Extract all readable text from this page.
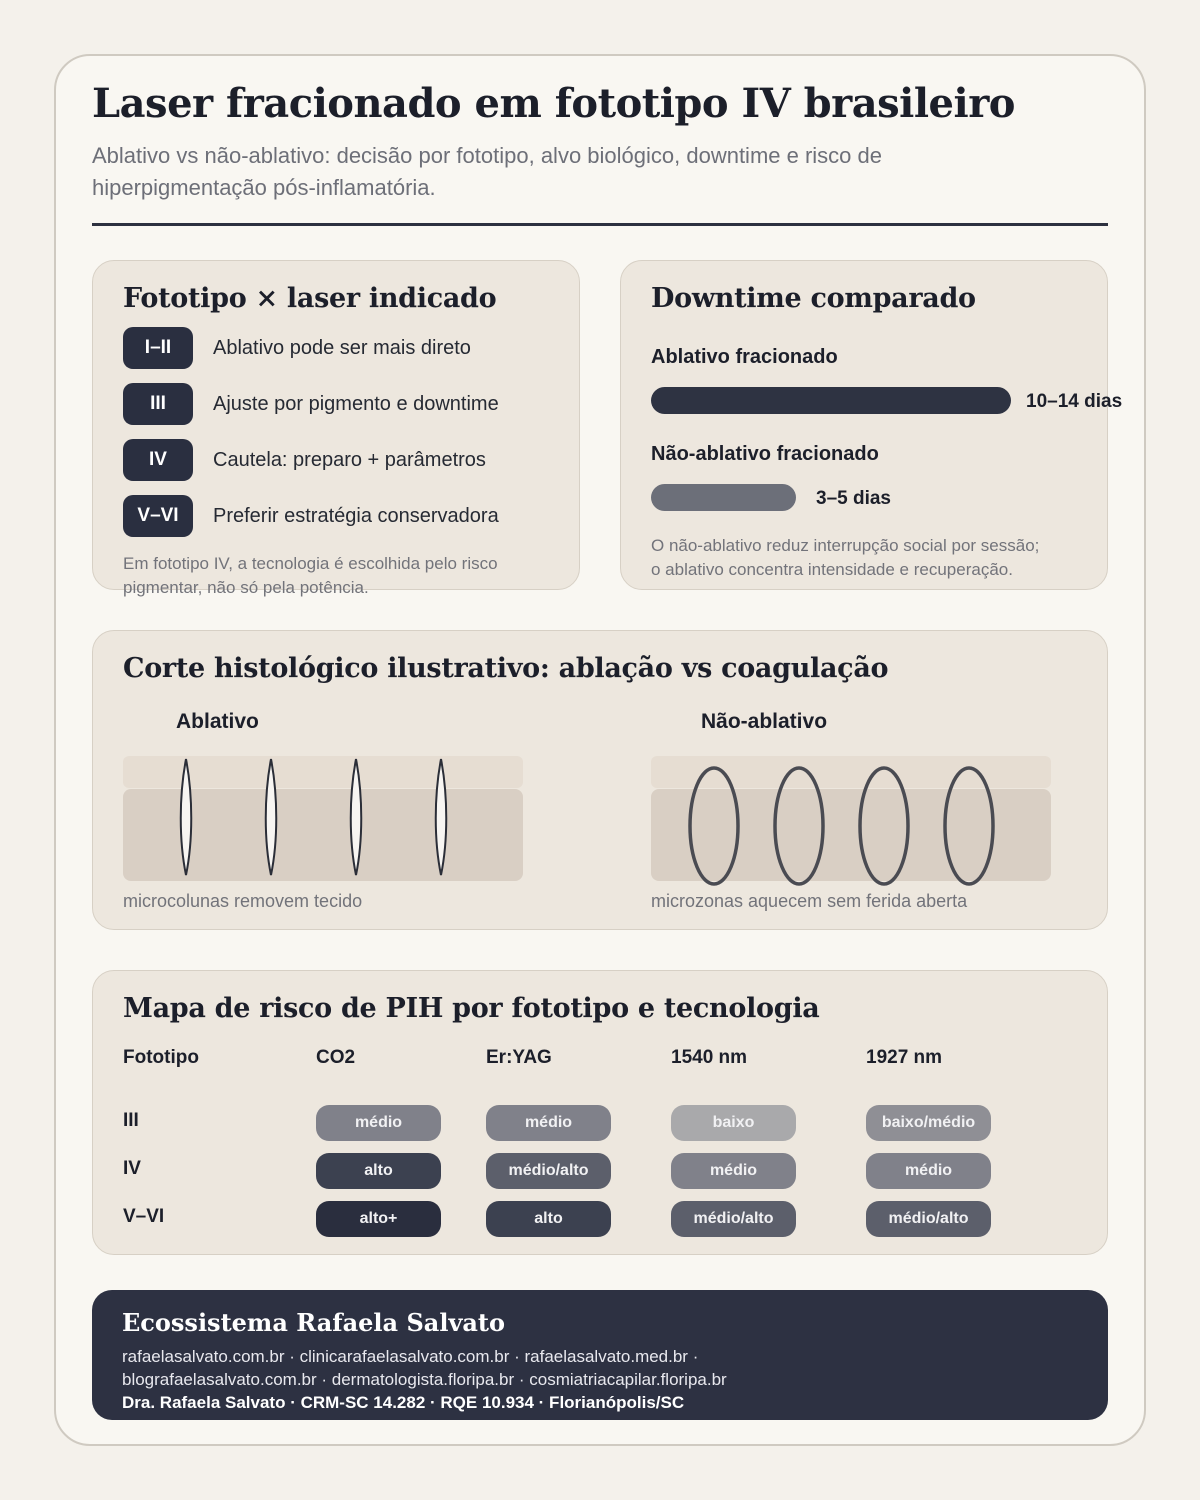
Laser fracionado em fototipo IV brasileiro

Ablativo vs não-ablativo: decisão por fototipo, alvo biológico, downtime e risco de hiperpigmentação pós-inflamatória.

Fototipo × laser indicado
I–II	Ablativo pode ser mais direto
III	Ajuste por pigmento e downtime
IV	Cautela: preparo + parâmetros
V–VI	Preferir estratégia conservadora

Em fototipo IV, a tecnologia é escolhida pelo risco pigmentar, não só pela potência.

Downtime comparado
Ablativo fracionado
10–14 dias
Não-ablativo fracionado
3–5 dias

O não-ablativo reduz interrupção social por sessão; o ablativo concentra intensidade e recuperação.

Corte histológico ilustrativo: ablação vs coagulação
Ablativo
microcolunas removem tecido
Não-ablativo
microzonas aquecem sem ferida aberta
Mapa de risco de PIH por fototipo e tecnologia
Fototipo	CO2	Er:YAG	1540 nm	1927 nm
III	médio	médio	baixo	baixo/médio
IV	alto	médio/alto	médio	médio
V–VI	alto+	alto	médio/alto	médio/alto
Ecossistema Rafaela Salvato
rafaelasalvato.com.br · clinicarafaelasalvato.com.br · rafaelasalvato.med.br ·
blografaelasalvato.com.br · dermatologista.floripa.br · cosmiatriacapilar.floripa.br
Dra. Rafaela Salvato · CRM-SC 14.282 · RQE 10.934 · Florianópolis/SC
